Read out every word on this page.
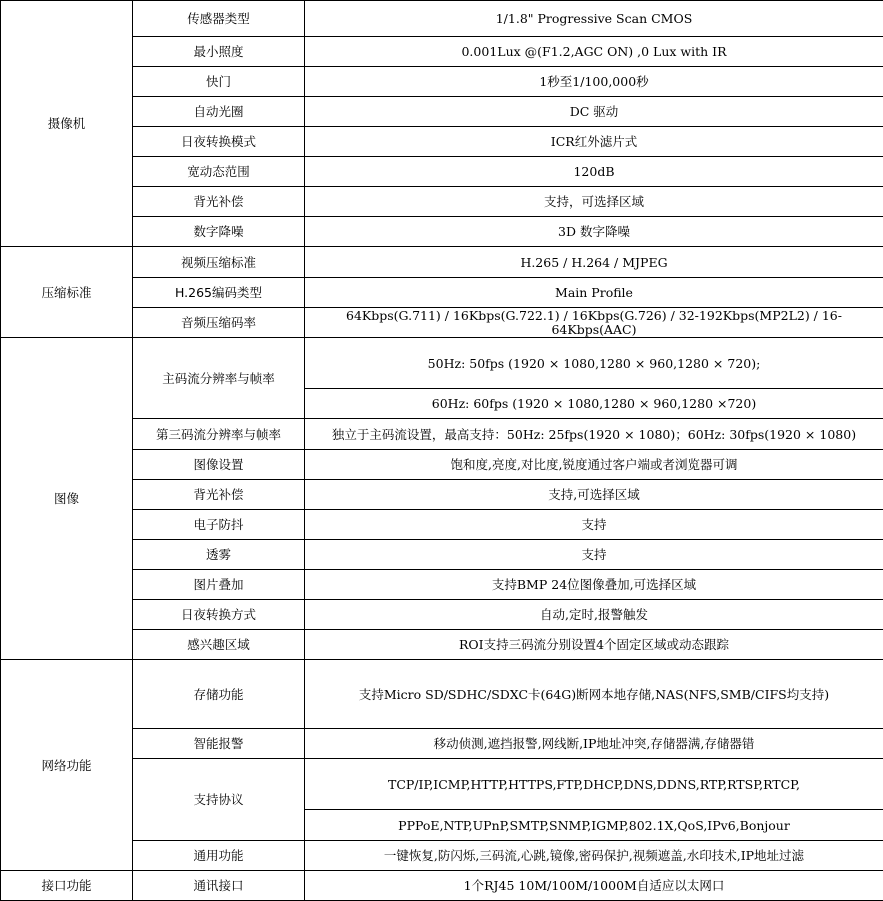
摄像机	传感器类型	1/1.8" Progressive Scan CMOS
	最小照度	0.001Lux @(F1.2,AGC ON) ,0 Lux with IR
	快门	1秒至1/100,000秒
	自动光圈	DC 驱动
	日夜转换模式	ICR红外滤片式
	宽动态范围	120dB
	背光补偿	支持，可选择区域
	数字降噪	3D 数字降噪
压缩标准	视频压缩标准	H.265 / H.264 / MJPEG
	H.265编码类型	Main Profile
	音频压缩码率	64Kbps(G.711) / 16Kbps(G.722.1) / 16Kbps(G.726) / 32-192Kbps(MP2L2) / 16-64Kbps(AAC)
图像	主码流分辨率与帧率	50Hz: 50fps (1920 × 1080,1280 × 960,1280 × 720);
		60Hz: 60fps (1920 × 1080,1280 × 960,1280 ×720)
	第三码流分辨率与帧率	独立于主码流设置，最高支持：50Hz: 25fps(1920 × 1080)；60Hz: 30fps(1920 × 1080)
	图像设置	饱和度,亮度,对比度,锐度通过客户端或者浏览器可调
	背光补偿	支持,可选择区域
	电子防抖	支持
	透雾	支持
	图片叠加	支持BMP 24位图像叠加,可选择区域
	日夜转换方式	自动,定时,报警触发
	感兴趣区域	ROI支持三码流分别设置4个固定区域或动态跟踪
网络功能	存储功能	支持Micro SD/SDHC/SDXC卡(64G)断网本地存储,NAS(NFS,SMB/CIFS均支持)
	智能报警	移动侦测,遮挡报警,网线断,IP地址冲突,存储器满,存储器错
	支持协议	TCP/IP,ICMP,HTTP,HTTPS,FTP,DHCP,DNS,DDNS,RTP,RTSP,RTCP,
		PPPoE,NTP,UPnP,SMTP,SNMP,IGMP,802.1X,QoS,IPv6,Bonjour
	通用功能	一键恢复,防闪烁,三码流,心跳,镜像,密码保护,视频遮盖,水印技术,IP地址过滤
接口功能	通讯接口	1个RJ45 10M/100M/1000M自适应以太网口
